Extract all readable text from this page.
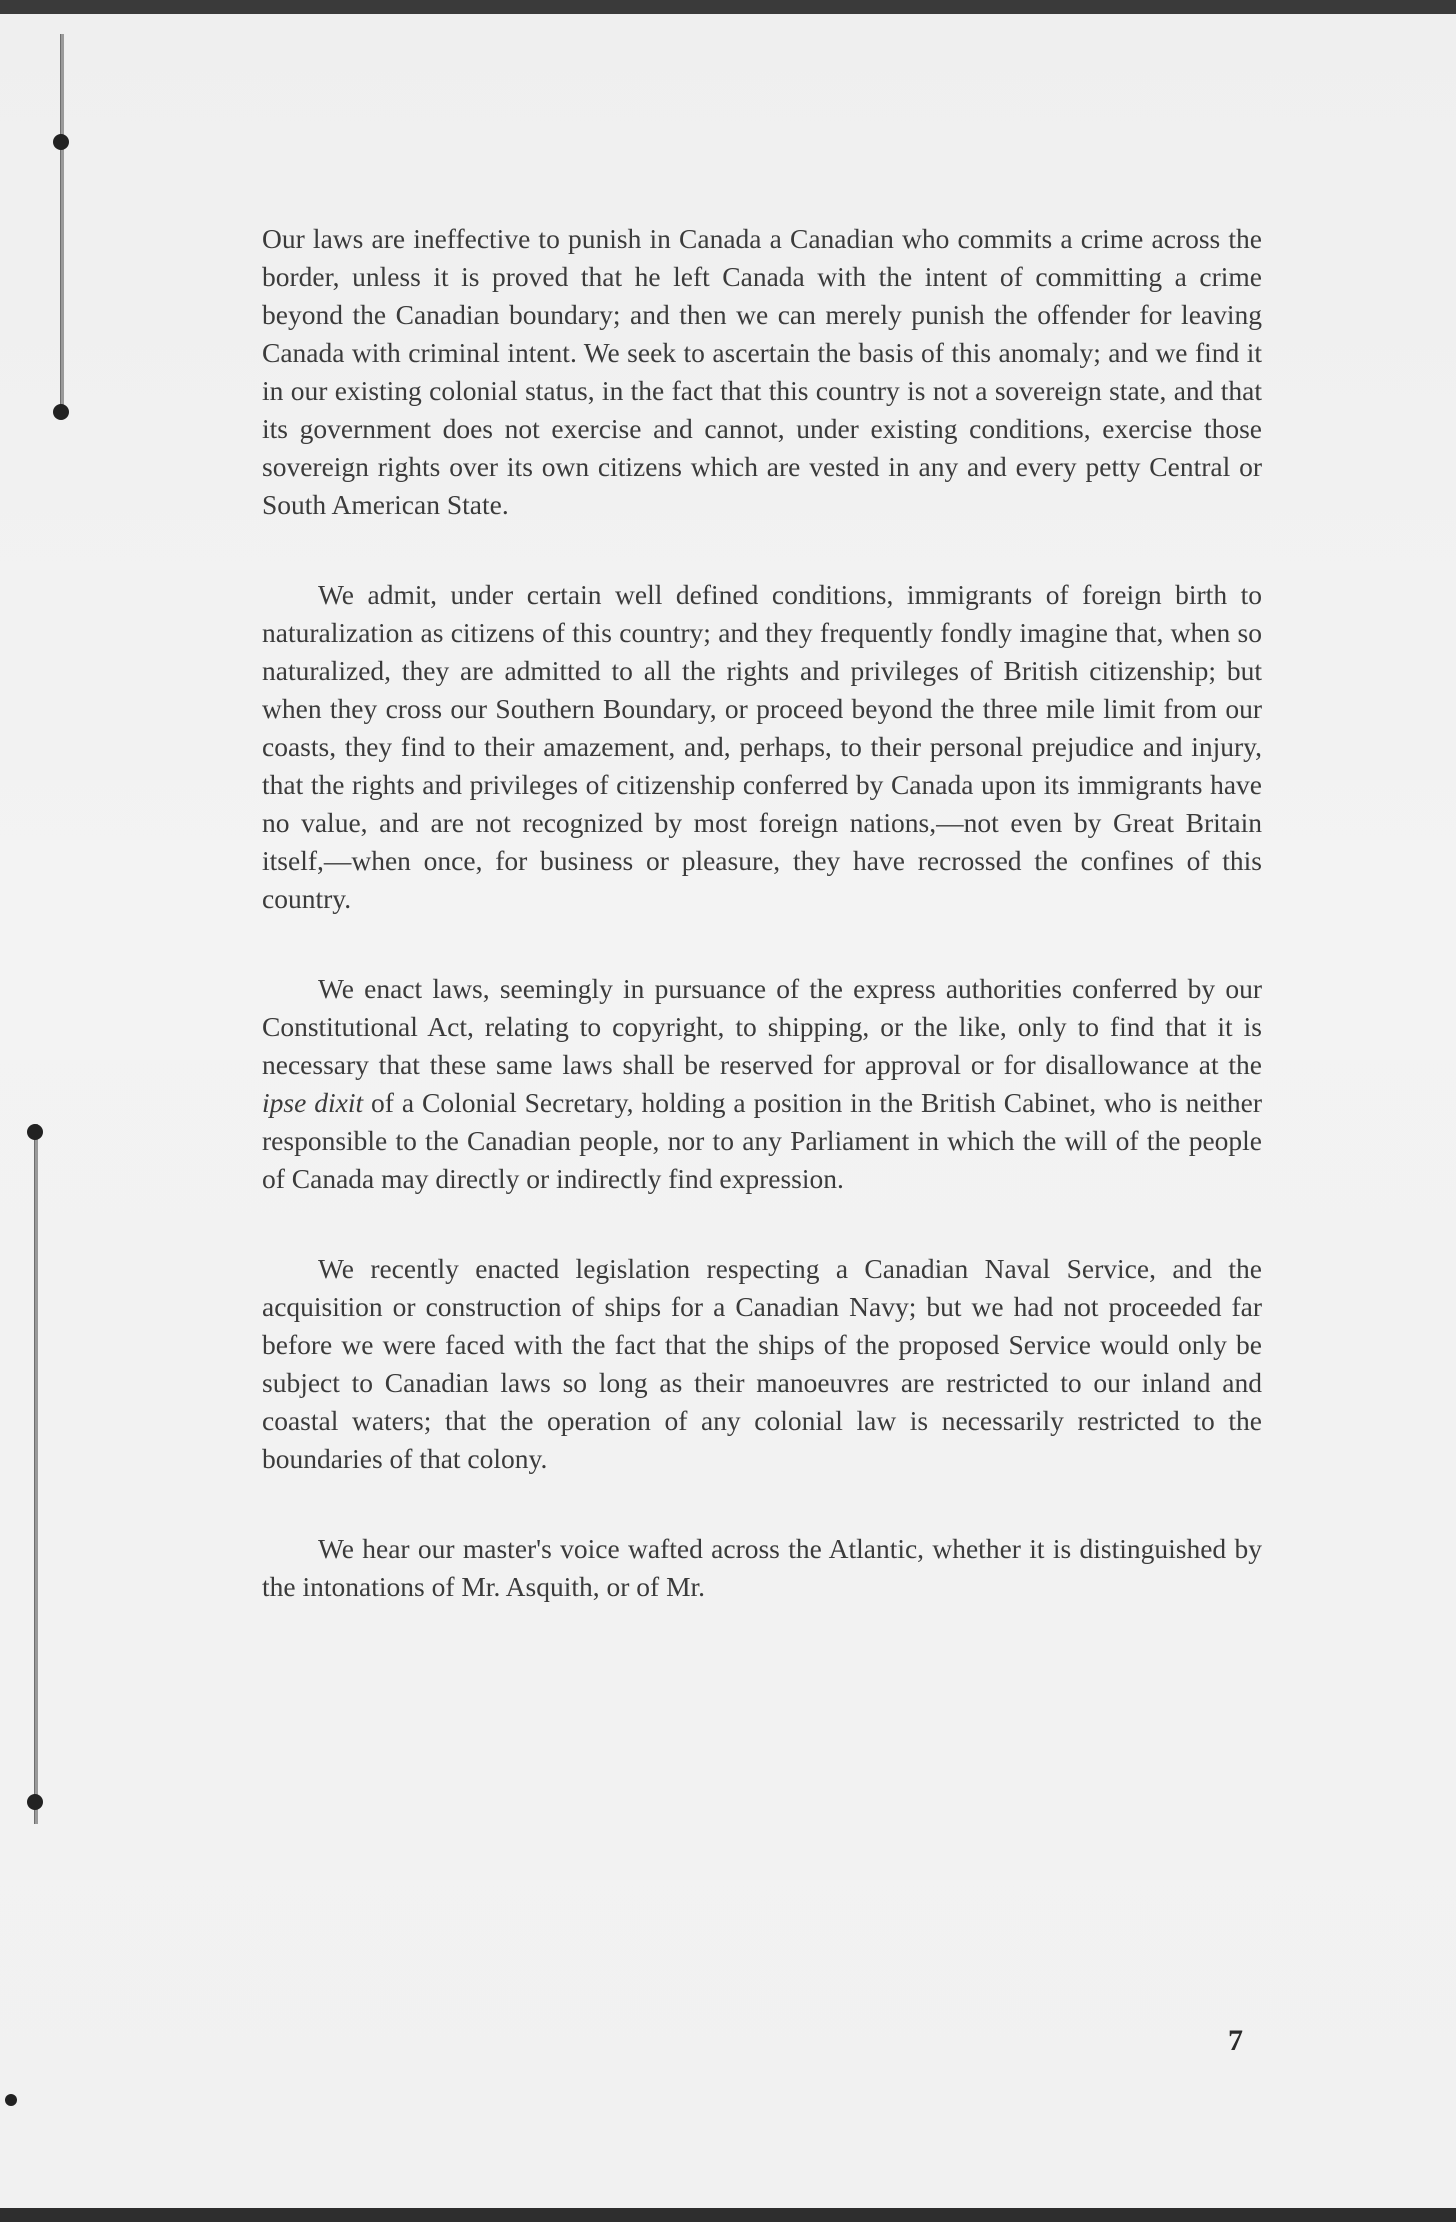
Our laws are ineffective to punish in Canada a Canadian who commits a crime across the border, unless it is proved that he left Canada with the intent of committing a crime beyond the Canadian boundary; and then we can merely punish the offender for leaving Canada with criminal intent. We seek to ascertain the basis of this anomaly; and we find it in our existing colonial status, in the fact that this country is not a sovereign state, and that its government does not exercise and cannot, under existing conditions, exercise those sovereign rights over its own citizens which are vested in any and every petty Central or South American State.

We admit, under certain well defined conditions, immigrants of foreign birth to naturalization as citizens of this country; and they frequently fondly imagine that, when so naturalized, they are admitted to all the rights and privileges of British citizenship; but when they cross our Southern Boundary, or proceed beyond the three mile limit from our coasts, they find to their amazement, and, perhaps, to their personal prejudice and injury, that the rights and privileges of citizenship conferred by Canada upon its immigrants have no value, and are not recognized by most foreign nations,—not even by Great Britain itself,—when once, for business or pleasure, they have recrossed the confines of this country.

We enact laws, seemingly in pursuance of the express authorities conferred by our Constitutional Act, relating to copyright, to shipping, or the like, only to find that it is necessary that these same laws shall be reserved for approval or for disallowance at the ipse dixit of a Colonial Secretary, holding a position in the British Cabinet, who is neither responsible to the Canadian people, nor to any Parliament in which the will of the people of Canada may directly or indirectly find expression.

We recently enacted legislation respecting a Canadian Naval Service, and the acquisition or construction of ships for a Canadian Navy; but we had not proceeded far before we were faced with the fact that the ships of the proposed Service would only be subject to Canadian laws so long as their manoeuvres are restricted to our inland and coastal waters; that the operation of any colonial law is necessarily restricted to the boundaries of that colony.

We hear our master's voice wafted across the Atlantic, whether it is distinguished by the intonations of Mr. Asquith, or of Mr.

7
